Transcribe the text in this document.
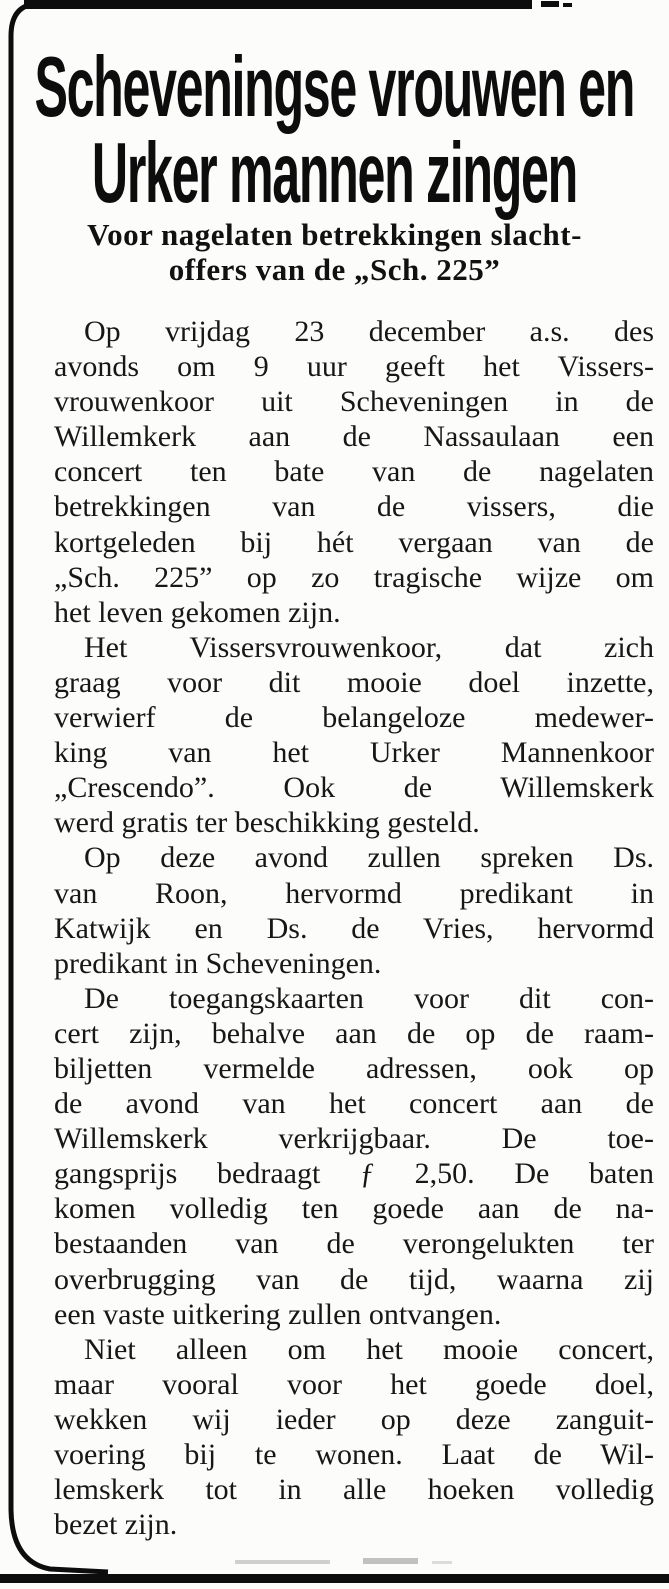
Scheveningse vrouwen en
Urker mannen zingen
Voor nagelaten betrekkingen slacht-
offers van de „Sch. 225”
Op vrijdag 23 december a.s. des
avonds om 9 uur geeft het Vissers-
vrouwenkoor uit Scheveningen in de
Willemkerk aan de Nassaulaan een
concert ten bate van de nagelaten
betrekkingen van de vissers, die
kortgeleden bij hét vergaan van de
„Sch. 225” op zo tragische wijze om
het leven gekomen zijn.
Het Vissersvrouwenkoor, dat zich
graag voor dit mooie doel inzette,
verwierf de belangeloze medewer-
king van het Urker Mannenkoor
„Crescendo”. Ook de Willemskerk
werd gratis ter beschikking gesteld.
Op deze avond zullen spreken Ds.
van Roon, hervormd predikant in
Katwijk en Ds. de Vries, hervormd
predikant in Scheveningen.
De toegangskaarten voor dit con-
cert zijn, behalve aan de op de raam-
biljetten vermelde adressen, ook op
de avond van het concert aan de
Willemskerk verkrijgbaar. De toe-
gangsprijs bedraagt ƒ 2,50. De baten
komen volledig ten goede aan de na-
bestaanden van de verongelukten ter
overbrugging van de tijd, waarna zij
een vaste uitkering zullen ontvangen.
Niet alleen om het mooie concert,
maar vooral voor het goede doel,
wekken wij ieder op deze zanguit-
voering bij te wonen. Laat de Wil-
lemskerk tot in alle hoeken volledig
bezet zijn.
